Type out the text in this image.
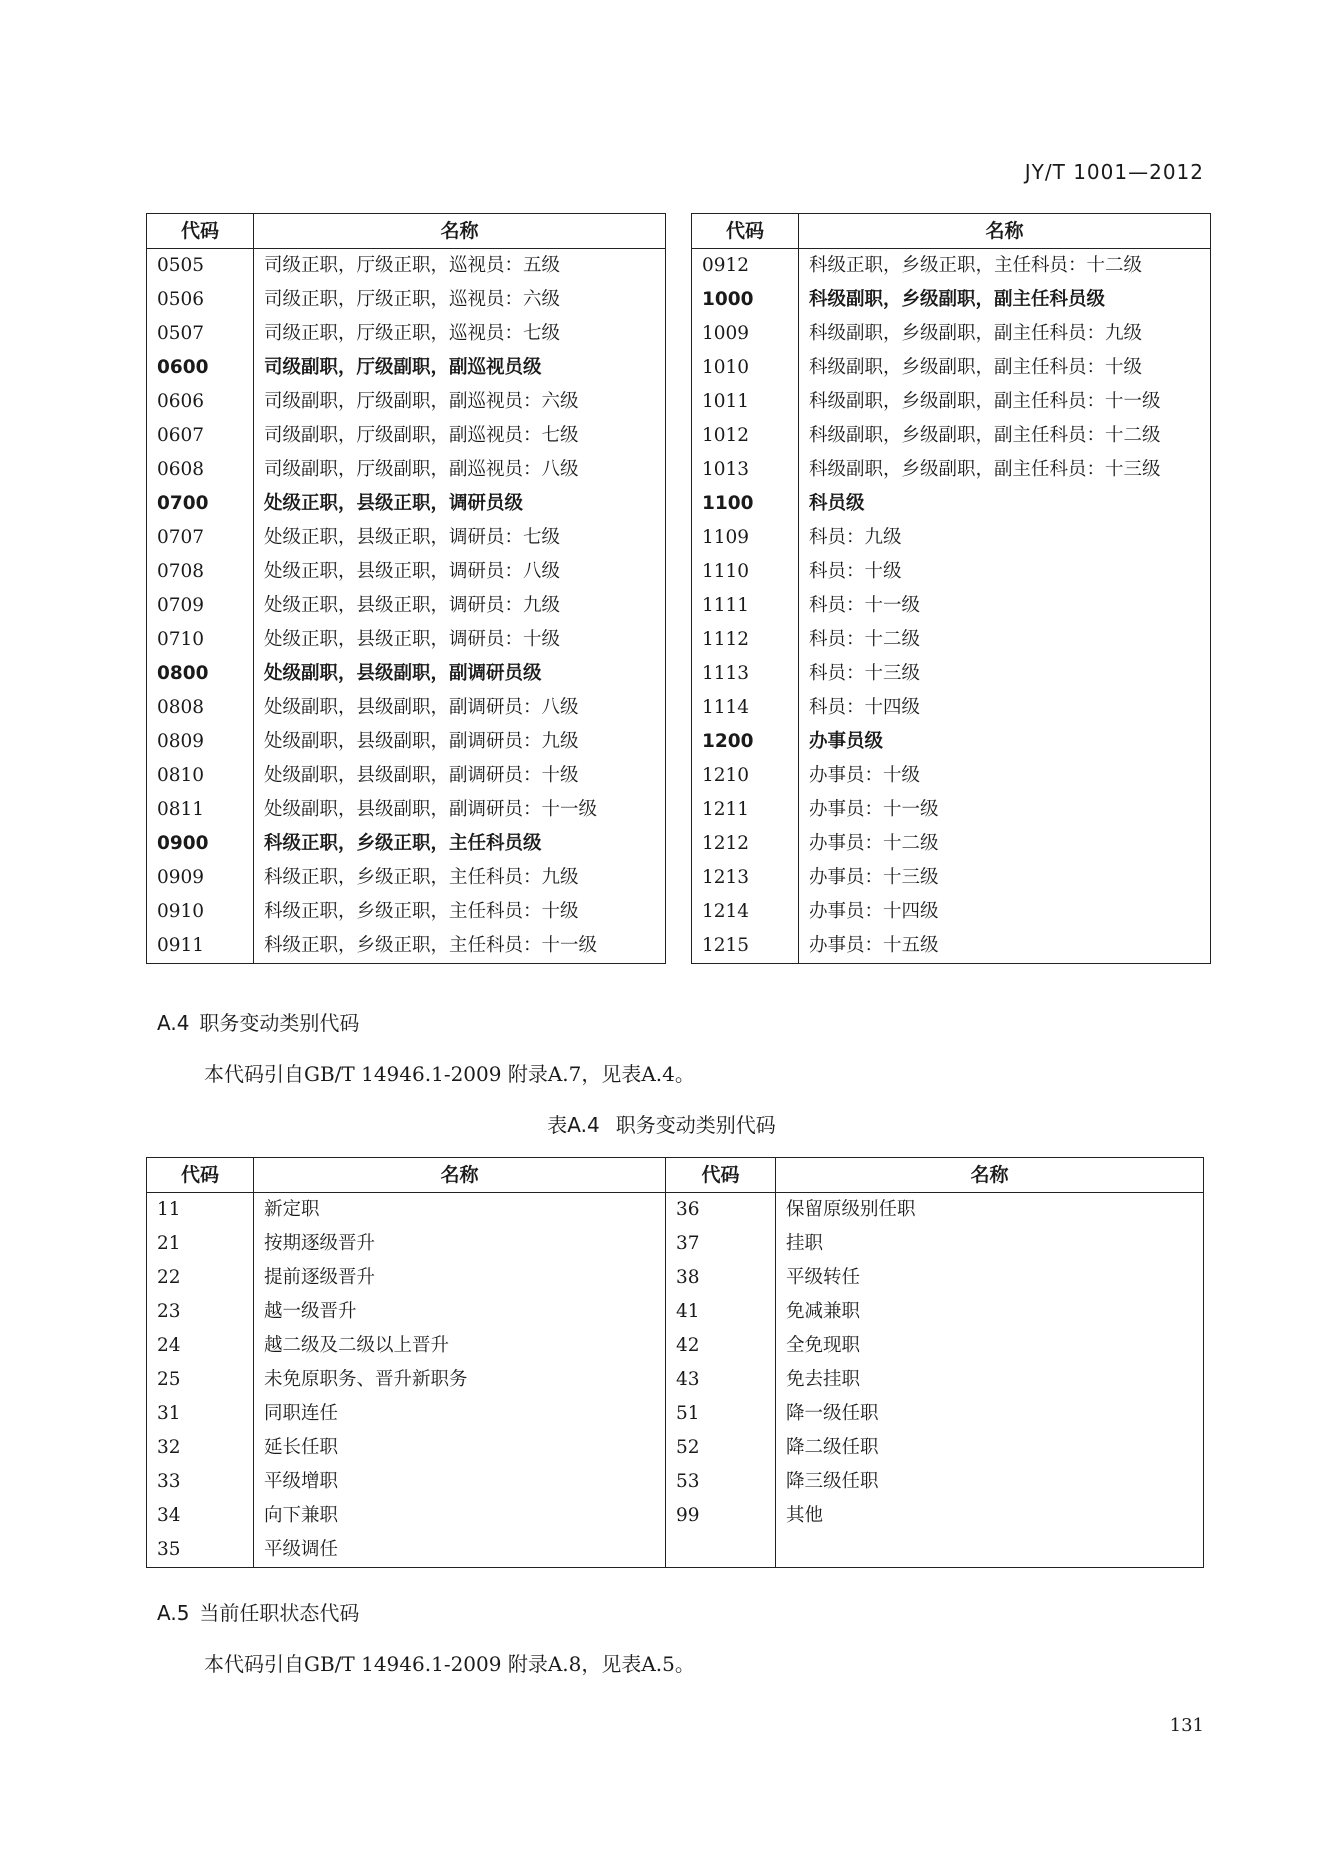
JY/T 1001—2012
代码	名称
0505	司级正职，厅级正职，巡视员：五级
0506	司级正职，厅级正职，巡视员：六级
0507	司级正职，厅级正职，巡视员：七级
0600	司级副职，厅级副职，副巡视员级
0606	司级副职，厅级副职，副巡视员：六级
0607	司级副职，厅级副职，副巡视员：七级
0608	司级副职，厅级副职，副巡视员：八级
0700	处级正职，县级正职，调研员级
0707	处级正职，县级正职，调研员：七级
0708	处级正职，县级正职，调研员：八级
0709	处级正职，县级正职，调研员：九级
0710	处级正职，县级正职，调研员：十级
0800	处级副职，县级副职，副调研员级
0808	处级副职，县级副职，副调研员：八级
0809	处级副职，县级副职，副调研员：九级
0810	处级副职，县级副职，副调研员：十级
0811	处级副职，县级副职，副调研员：十一级
0900	科级正职，乡级正职，主任科员级
0909	科级正职，乡级正职，主任科员：九级
0910	科级正职，乡级正职，主任科员：十级
0911	科级正职，乡级正职，主任科员：十一级
代码	名称
0912	科级正职，乡级正职，主任科员：十二级
1000	科级副职，乡级副职，副主任科员级
1009	科级副职，乡级副职，副主任科员：九级
1010	科级副职，乡级副职，副主任科员：十级
1011	科级副职，乡级副职，副主任科员：十一级
1012	科级副职，乡级副职，副主任科员：十二级
1013	科级副职，乡级副职，副主任科员：十三级
1100	科员级
1109	科员：九级
1110	科员：十级
1111	科员：十一级
1112	科员：十二级
1113	科员：十三级
1114	科员：十四级
1200	办事员级
1210	办事员：十级
1211	办事员：十一级
1212	办事员：十二级
1213	办事员：十三级
1214	办事员：十四级
1215	办事员：十五级
A.4 职务变动类别代码
本代码引自GB/T 14946.1-2009 附录A.7，见表A.4。
表A.4 职务变动类别代码
代码	名称	代码	名称
11	新定职	36	保留原级别任职
21	按期逐级晋升	37	挂职
22	提前逐级晋升	38	平级转任
23	越一级晋升	41	免减兼职
24	越二级及二级以上晋升	42	全免现职
25	未免原职务、晋升新职务	43	免去挂职
31	同职连任	51	降一级任职
32	延长任职	52	降二级任职
33	平级增职	53	降三级任职
34	向下兼职	99	其他
35	平级调任		
A.5 当前任职状态代码
本代码引自GB/T 14946.1-2009 附录A.8，见表A.5。
131
